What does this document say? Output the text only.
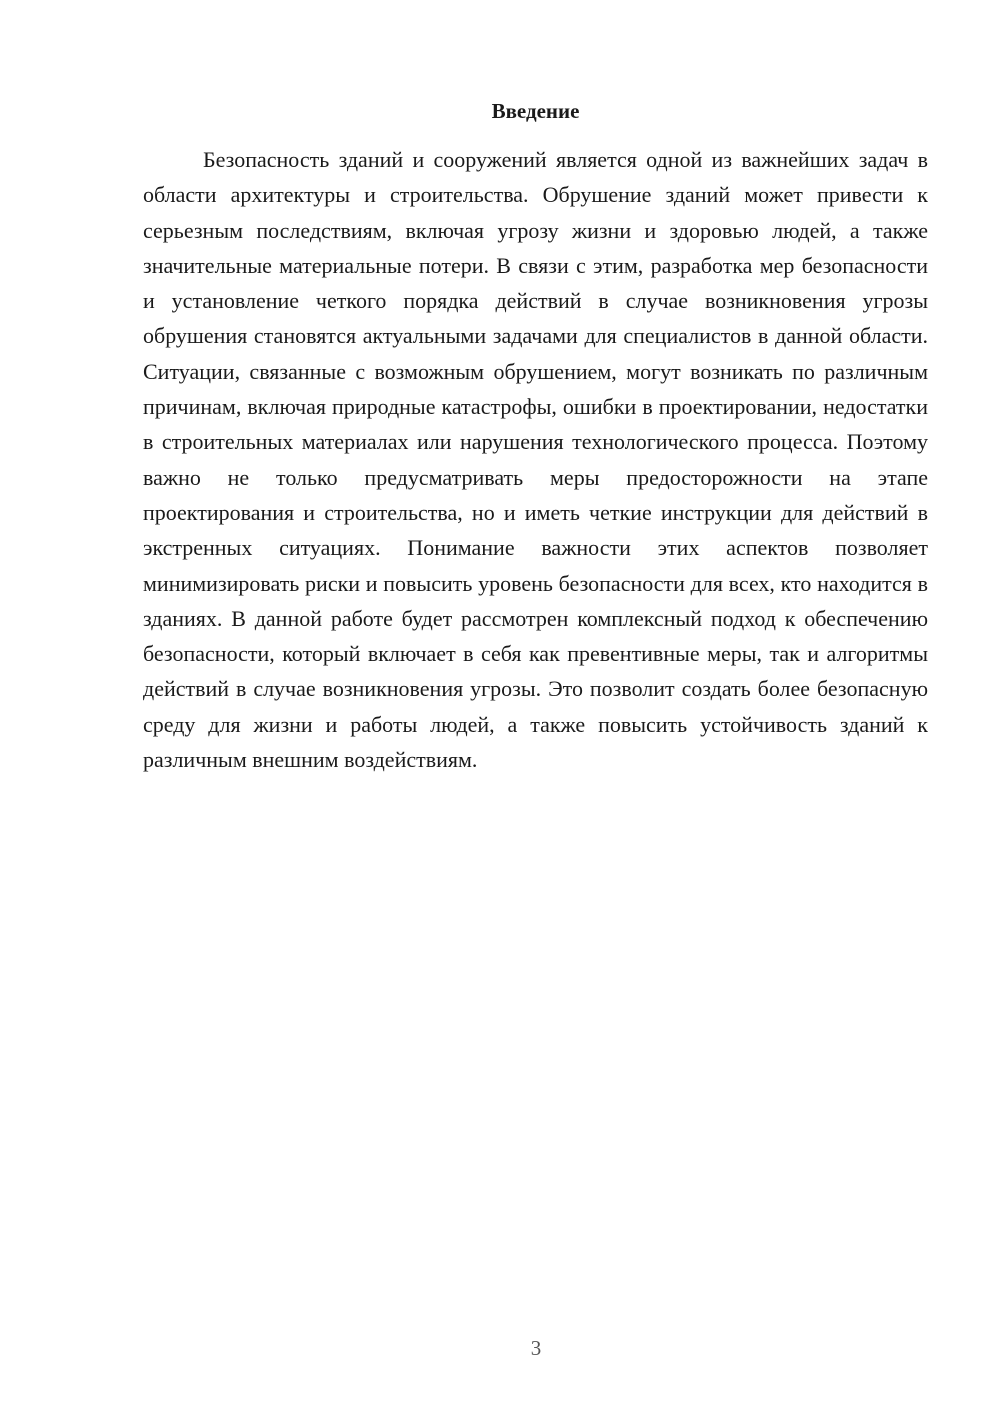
Введение

Безопасность зданий и сооружений является одной из важнейших задач в области архитектуры и строительства. Обрушение зданий может привести к серьезным последствиям, включая угрозу жизни и здоровью людей, а также значительные материальные потери. В связи с этим, разработка мер безопасности и установление четкого порядка действий в случае возникновения угрозы обрушения становятся актуальными задачами для специалистов в данной области. Ситуации, связанные с возможным обрушением, могут возникать по различным причинам, включая природные катастрофы, ошибки в проектировании, недостатки в строительных материалах или нарушения технологического процесса. Поэтому важно не только предусматривать меры предосторожности на этапе проектирования и строительства, но и иметь четкие инструкции для действий в экстренных ситуациях. Понимание важности этих аспектов позволяет минимизировать риски и повысить уровень безопасности для всех, кто находится в зданиях. В данной работе будет рассмотрен комплексный подход к обеспечению безопасности, который включает в себя как превентивные меры, так и алгоритмы действий в случае возникновения угрозы. Это позволит создать более безопасную среду для жизни и работы людей, а также повысить устойчивость зданий к различным внешним воздействиям.

3
